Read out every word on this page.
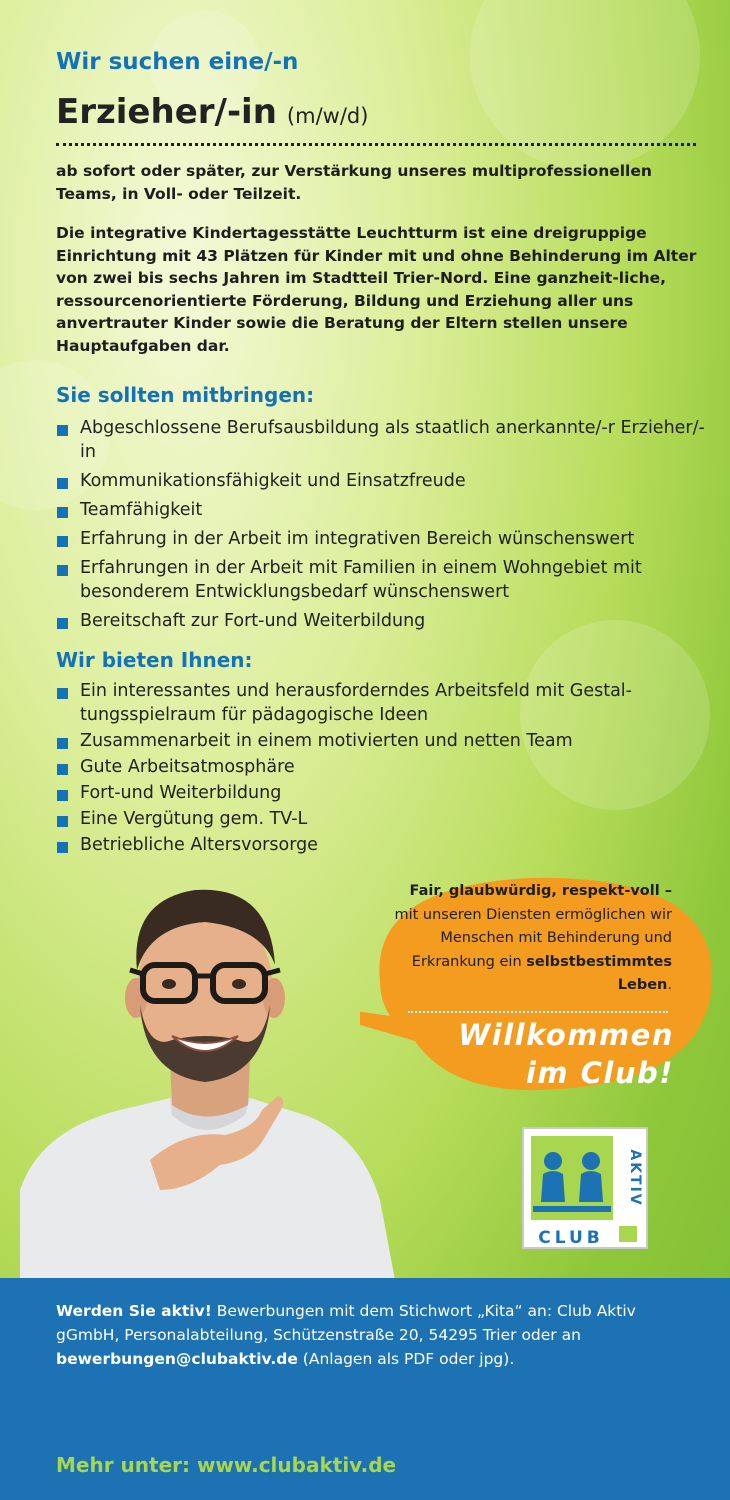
Wir suchen eine/-n
Erzieher/-in (m/w/d)

ab sofort oder später, zur Verstärkung unseres multiprofessionellen Teams, in Voll- oder Teilzeit.

Die integrative Kindertagesstätte Leuchtturm ist eine dreigruppige Einrichtung mit 43 Plätzen für Kinder mit und ohne Behinderung im Alter von zwei bis sechs Jahren im Stadtteil Trier-Nord. Eine ganzheit-liche, ressourcenorientierte Förderung, Bildung und Erziehung aller uns anvertrauter Kinder sowie die Beratung der Eltern stellen unsere Hauptaufgaben dar.

Sie sollten mitbringen:
Abgeschlossene Berufsausbildung als staatlich anerkannte/-r Erzieher/-in
Kommunikationsfähigkeit und Einsatzfreude
Teamfähigkeit
Erfahrung in der Arbeit im integrativen Bereich wünschenswert
Erfahrungen in der Arbeit mit Familien in einem Wohngebiet mit besonderem Entwicklungsbedarf wünschenswert
Bereitschaft zur Fort-und Weiterbildung
Wir bieten Ihnen:
Ein interessantes und herausforderndes Arbeitsfeld mit Gestal-tungsspielraum für pädagogische Ideen
Zusammenarbeit in einem motivierten und netten Team
Gute Arbeitsatmosphäre
Fort-und Weiterbildung
Eine Vergütung gem. TV-L
Betriebliche Altersvorsorge
Fair, glaubwürdig, respekt-voll – mit unseren Diensten ermöglichen wir Menschen mit Behinderung und Erkrankung ein selbstbestimmtes Leben.
Willkommen
im Club!
CLUB
AKTIV

Werden Sie aktiv! Bewerbungen mit dem Stichwort „Kita“ an: Club Aktiv gGmbH, Personalabteilung, Schützenstraße 20, 54295 Trier oder an bewerbungen@clubaktiv.de (Anlagen als PDF oder jpg).

Mehr unter: www.clubaktiv.de
